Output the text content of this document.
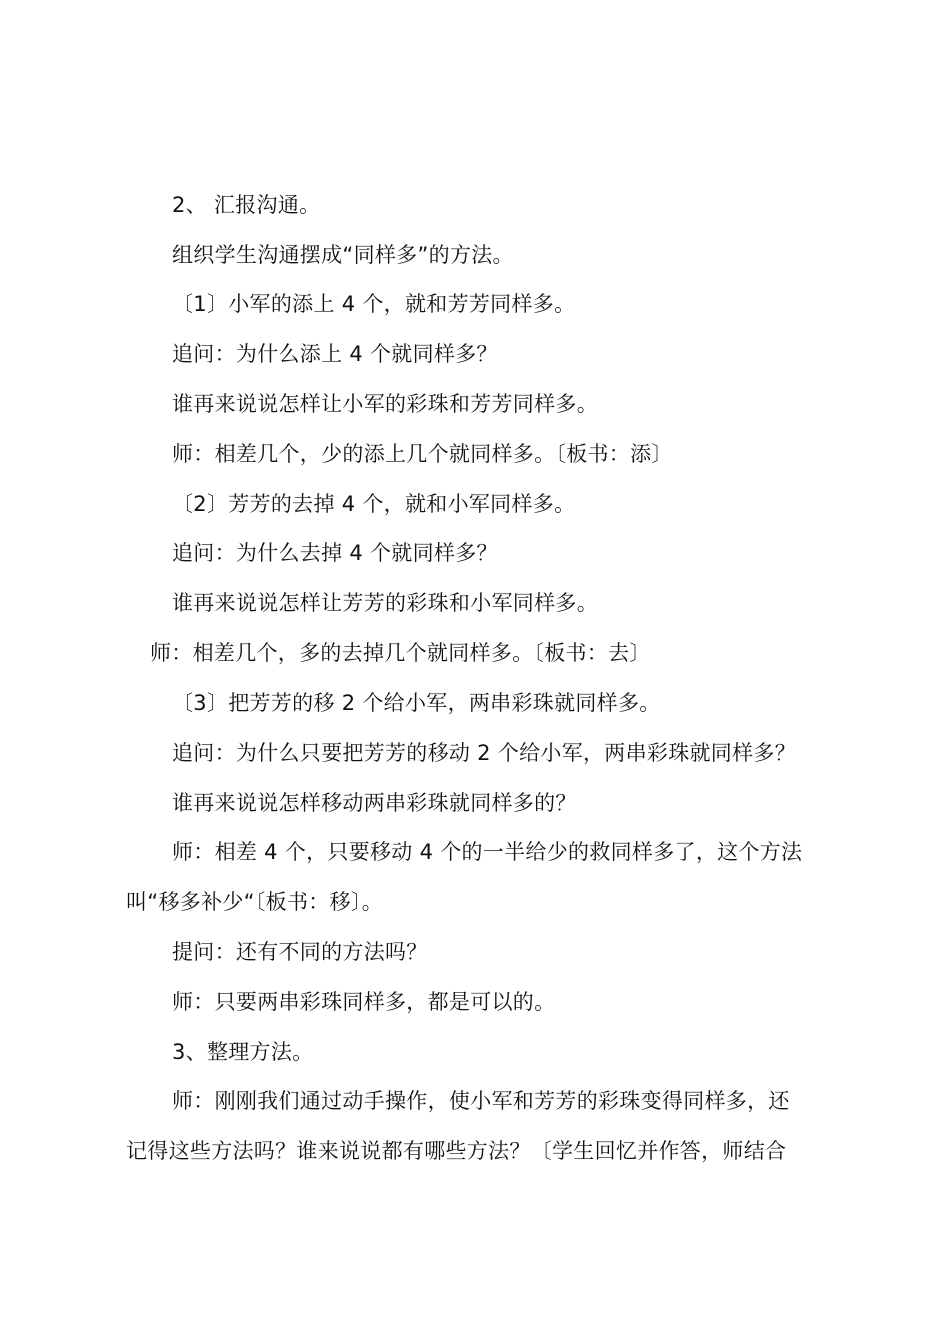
2、 汇报沟通。
组织学生沟通摆成“同样多”的方法。
〔1〕小军的添上 4 个，就和芳芳同样多。
追问：为什么添上 4 个就同样多？
谁再来说说怎样让小军的彩珠和芳芳同样多。
师：相差几个，少的添上几个就同样多。〔板书：添〕
〔2〕芳芳的去掉 4 个，就和小军同样多。
追问：为什么去掉 4 个就同样多？
谁再来说说怎样让芳芳的彩珠和小军同样多。
师：相差几个，多的去掉几个就同样多。〔板书：去〕
〔3〕把芳芳的移 2 个给小军，两串彩珠就同样多。
追问：为什么只要把芳芳的移动 2 个给小军，两串彩珠就同样多？
谁再来说说怎样移动两串彩珠就同样多的？
师：相差 4 个，只要移动 4 个的一半给少的救同样多了，这个方法
叫“移多补少“〔板书：移〕。
提问：还有不同的方法吗？
师：只要两串彩珠同样多，都是可以的。
3、整理方法。
师：刚刚我们通过动手操作，使小军和芳芳的彩珠变得同样多，还
记得这些方法吗？谁来说说都有哪些方法？〔学生回忆并作答，师结合
